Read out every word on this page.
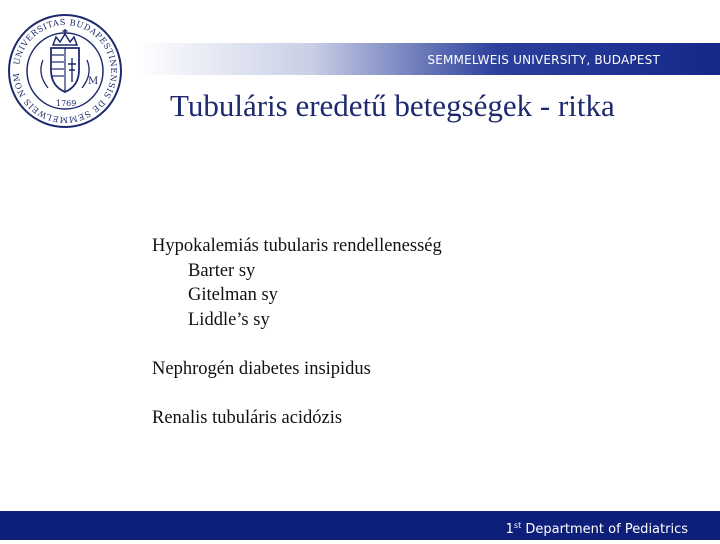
UNIVERSITAS BUDAPESTINENSIS DE SEMMELWEIS NOM	M
1769
SEMMELWEIS UNIVERSITY, BUDAPEST
Tubuláris eredetű betegségek - ritka
Hypokalemiás tubularis rendellenesség
Barter sy
Gitelman sy
Liddle’s sy
Nephrogén diabetes insipidus
Renalis tubuláris acidózis
1st Department of Pediatrics
